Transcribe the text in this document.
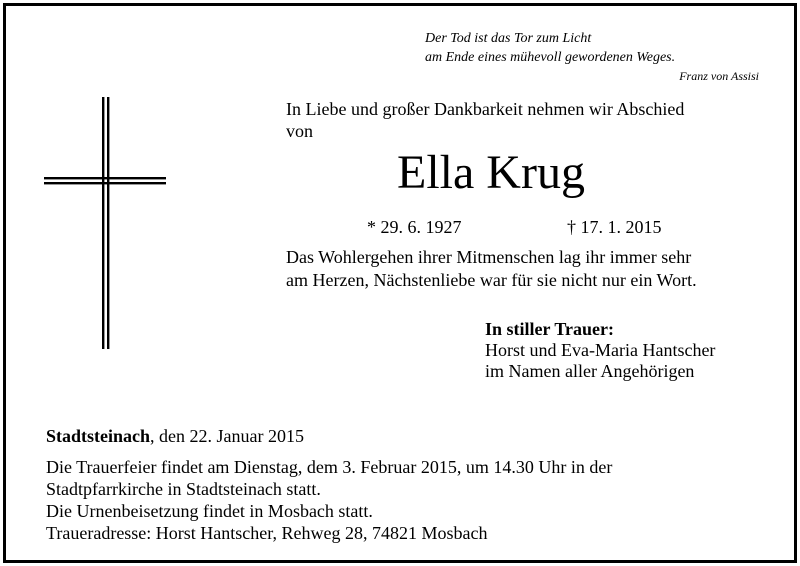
Der Tod ist das Tor zum Licht
am Ende eines mühevoll gewordenen Weges.
Franz von Assisi
In Liebe und großer Dankbarkeit nehmen wir Abschied
von
Ella Krug
* 29. 6. 1927	† 17. 1. 2015
Das Wohlergehen ihrer Mitmenschen lag ihr immer sehr
am Herzen, Nächstenliebe war für sie nicht nur ein Wort.
In stiller Trauer:
Horst und Eva-Maria Hantscher
im Namen aller Angehörigen
Stadtsteinach, den 22. Januar 2015
Die Trauerfeier findet am Dienstag, dem 3. Februar 2015, um 14.30 Uhr in der
Stadtpfarrkirche in Stadtsteinach statt.
Die Urnenbeisetzung findet in Mosbach statt.
Traueradresse: Horst Hantscher, Rehweg 28, 74821 Mosbach
